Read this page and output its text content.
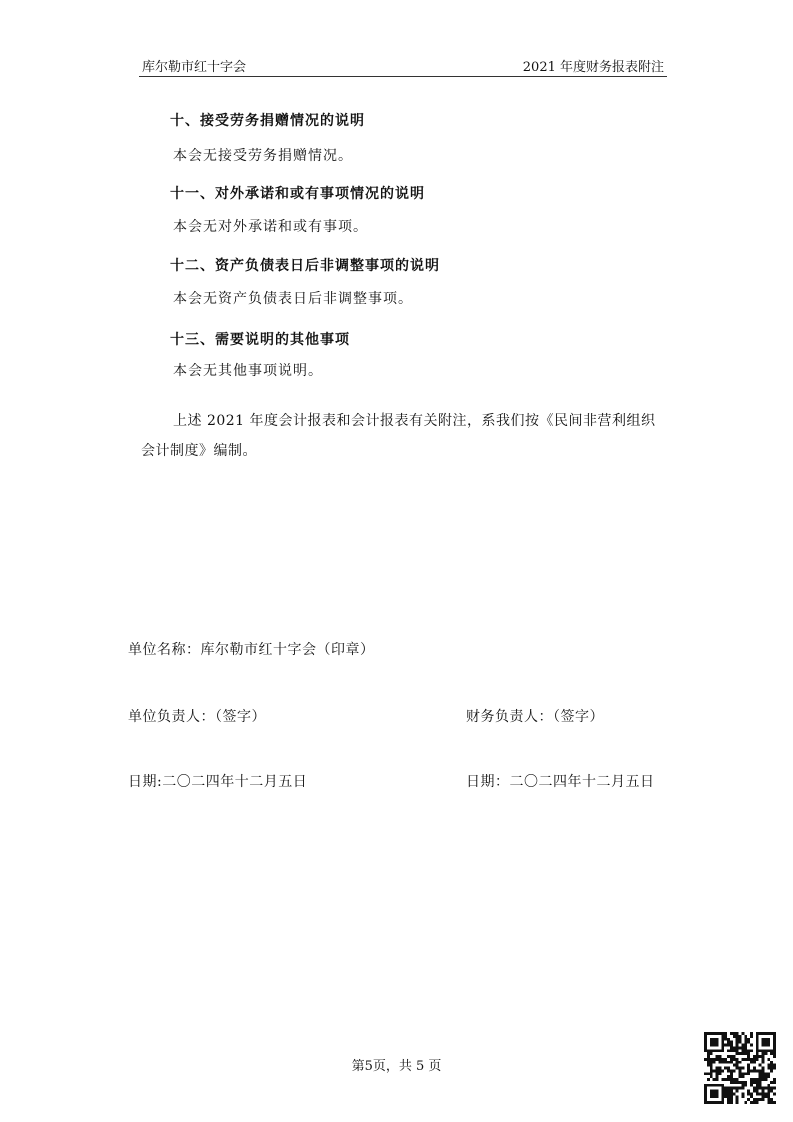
库尔勒市红十字会	2021 年度财务报表附注
十、接受劳务捐赠情况的说明
本会无接受劳务捐赠情况。
十一、对外承诺和或有事项情况的说明
本会无对外承诺和或有事项。
十二、资产负债表日后非调整事项的说明
本会无资产负债表日后非调整事项。
十三、需要说明的其他事项
本会无其他事项说明。
上述 2021 年度会计报表和会计报表有关附注，系我们按《民间非营利组织会计制度》编制。
单位名称：库尔勒市红十字会（印章）
单位负责人：（签字）	财务负责人：（签字）
日期:二〇二四年十二月五日	日期：二〇二四年十二月五日
第5页，共 5 页
